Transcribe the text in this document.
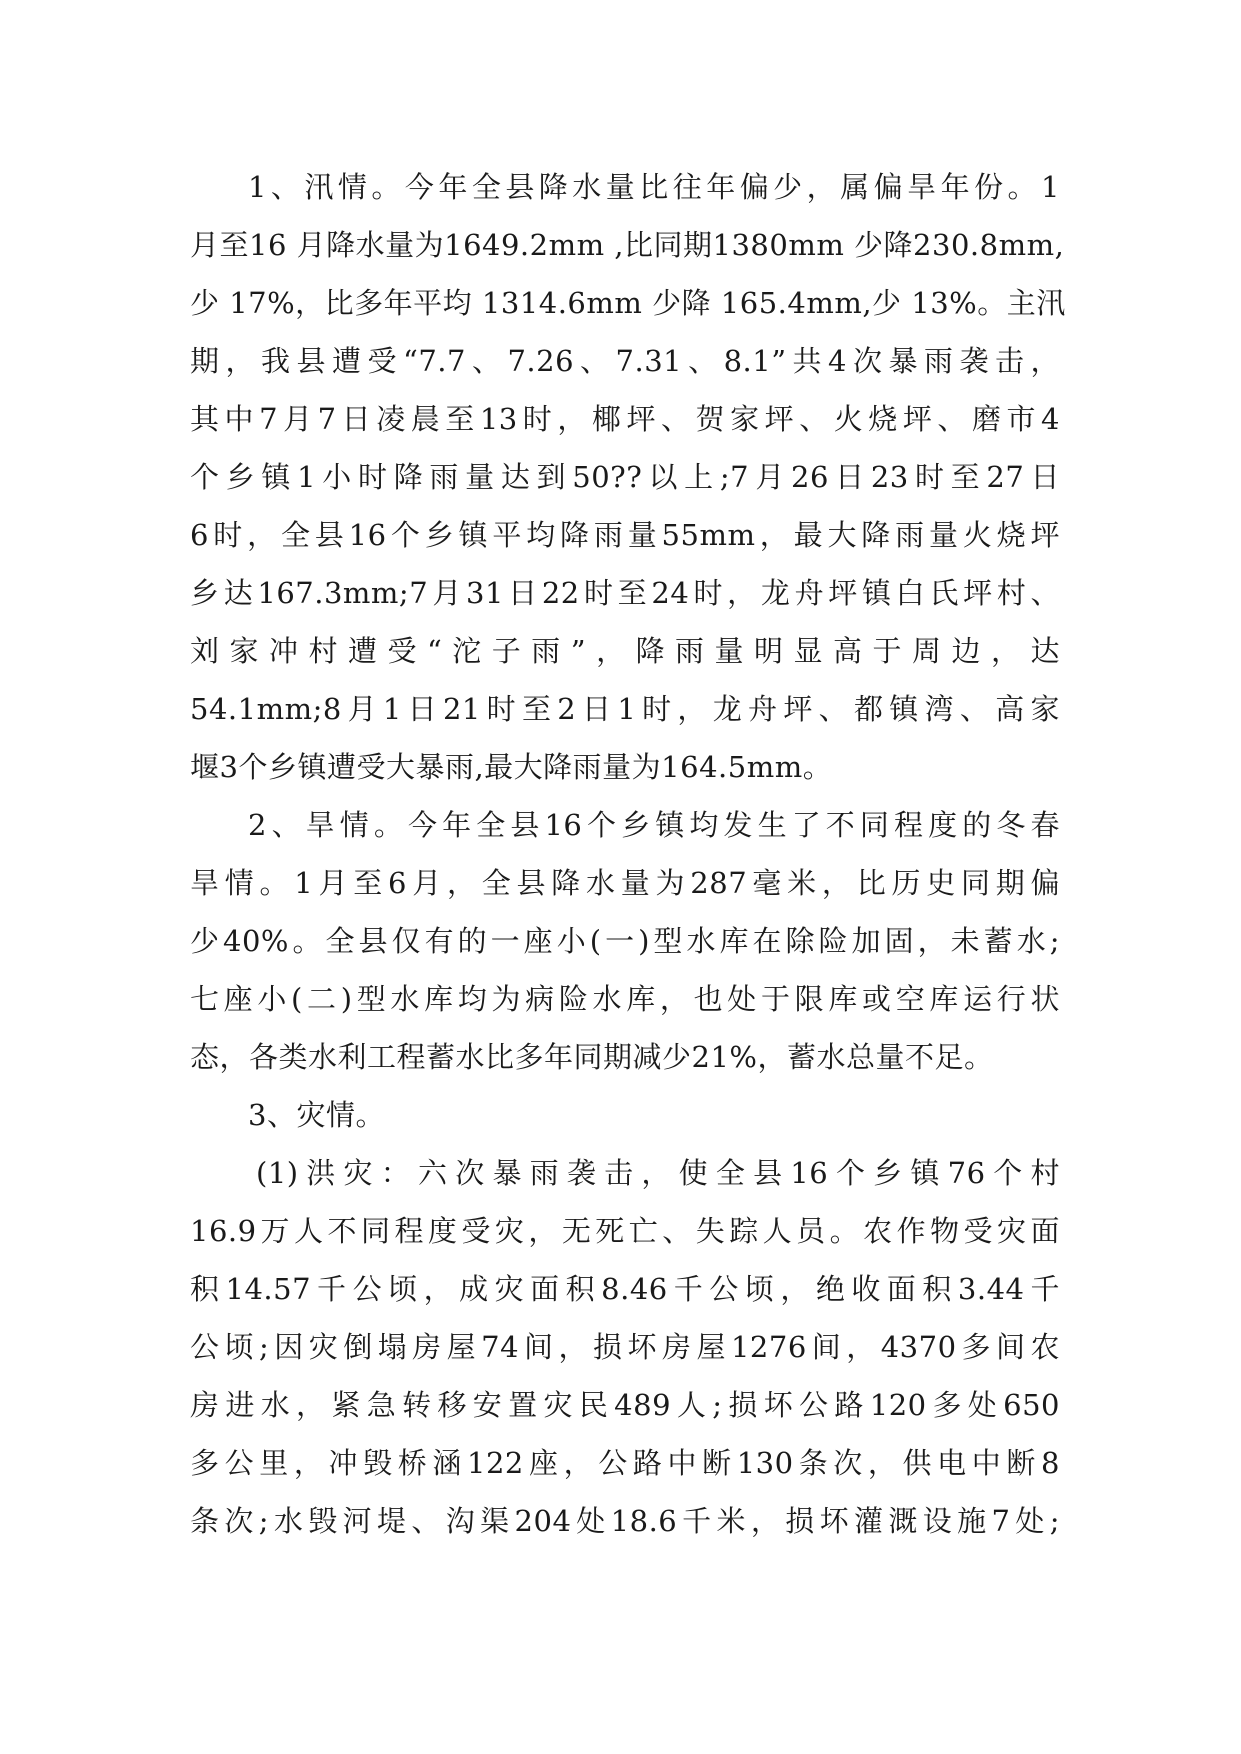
1、汛情。今年全县降水量比往年偏少，属偏旱年份。1
月至16 月降水量为1649.2mm ,比同期1380mm 少降230.8mm,
少 17%，比多年平均 1314.6mm 少降 165.4mm,少 13%。主汛
期，我县遭受“7.7、7.26、7.31、8.1”共4次暴雨袭击，
其中7月7日凌晨至13时，椰坪、贺家坪、火烧坪、磨市4
个乡镇1小时降雨量达到50??以上;7月26日23时至27日
6时，全县16个乡镇平均降雨量55mm，最大降雨量火烧坪
乡达167.3mm;7月31日22时至24时，龙舟坪镇白氏坪村、
刘家冲村遭受“沱子雨”，降雨量明显高于周边，达
54.1mm;8月1日21时至2日1时，龙舟坪、都镇湾、高家
堰3个乡镇遭受大暴雨,最大降雨量为164.5mm。
2、旱情。今年全县16个乡镇均发生了不同程度的冬春
旱情。1月至6月，全县降水量为287毫米，比历史同期偏
少40%。全县仅有的一座小(一)型水库在除险加固，未蓄水;
七座小(二)型水库均为病险水库，也处于限库或空库运行状
态，各类水利工程蓄水比多年同期减少21%，蓄水总量不足。
3、灾情。
(1)洪灾：六次暴雨袭击，使全县16个乡镇76个村
16.9万人不同程度受灾，无死亡、失踪人员。农作物受灾面
积14.57千公顷，成灾面积8.46千公顷，绝收面积3.44千
公顷;因灾倒塌房屋74间，损坏房屋1276间，4370多间农
房进水，紧急转移安置灾民489人;损坏公路120多处650
多公里，冲毁桥涵122座，公路中断130条次，供电中断8
条次;水毁河堤、沟渠204处18.6千米，损坏灌溉设施7处;
